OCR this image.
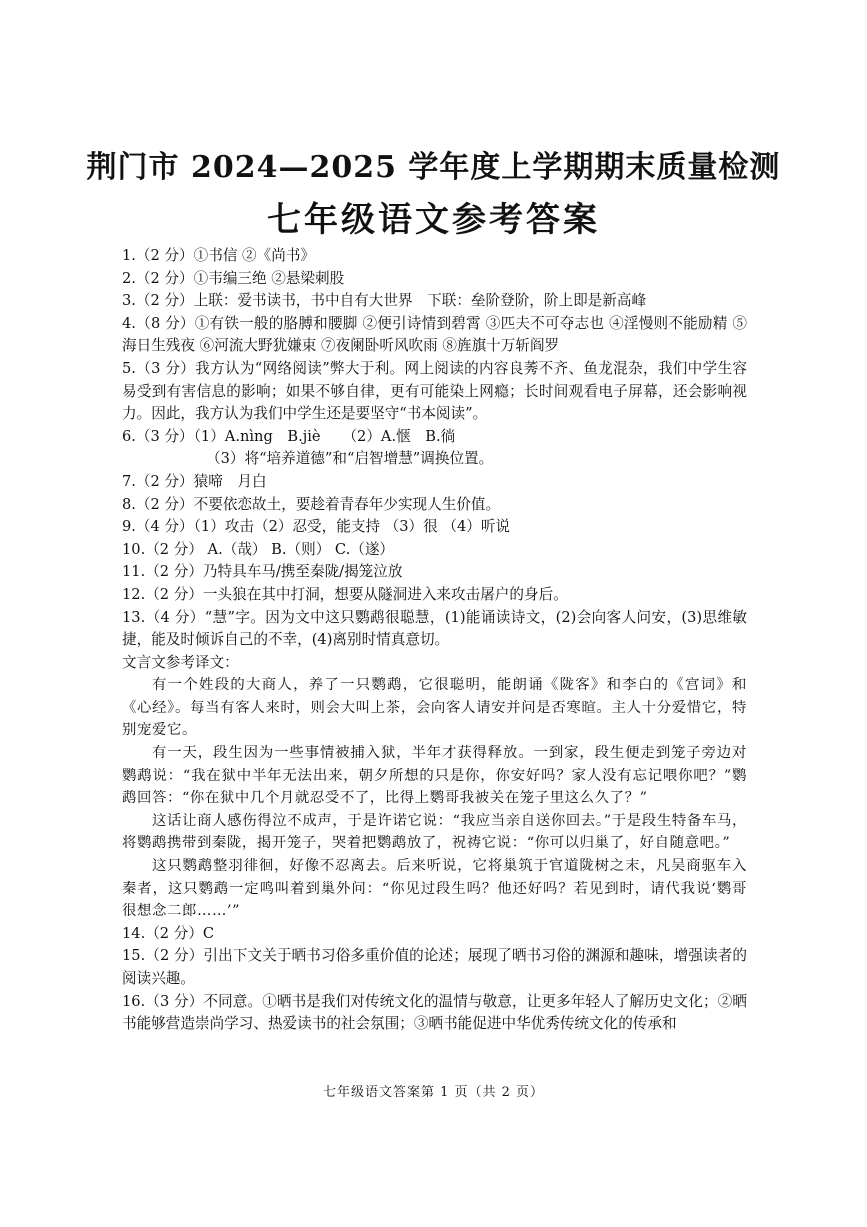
荆门市 2024—2025 学年度上学期期末质量检测
七年级语文参考答案

1.（2 分）①书信 ②《尚书》

2.（2 分）①韦编三绝 ②悬梁刺股

3.（2 分）上联：爱书读书，书中自有大世界　下联：垒阶登阶，阶上即是新高峰

4.（8 分）①有铁一般的胳膊和腰脚 ②便引诗情到碧霄 ③匹夫不可夺志也 ④淫慢则不能励精 ⑤海日生残夜 ⑥河流大野犹嫌束 ⑦夜阑卧听风吹雨 ⑧旌旗十万斩阎罗

5.（3 分）我方认为“网络阅读”弊大于利。网上阅读的内容良莠不齐、鱼龙混杂，我们中学生容易受到有害信息的影响；如果不够自律，更有可能染上网瘾；长时间观看电子屏幕，还会影响视力。因此，我方认为我们中学生还是要坚守“书本阅读”。

6.（3 分）（1）A.nìng　B.jiè　　（2）A.惬　B.徜

（3）将“培养道德”和“启智增慧”调换位置。

7.（2 分）猿啼　月白

8.（2 分）不要依恋故土，要趁着青春年少实现人生价值。

9.（4 分）（1）攻击（2）忍受，能支持 （3）很 （4）听说

10.（2 分） A.（哉） B.（则） C.（遂）

11.（2 分）乃特具车马/携至秦陇/揭笼泣放

12.（2 分）一头狼在其中打洞，想要从隧洞进入来攻击屠户的身后。

13.（4 分）“慧”字。因为文中这只鹦鹉很聪慧，(1)能诵读诗文，(2)会向客人问安，(3)思维敏捷，能及时倾诉自己的不幸，(4)离别时情真意切。

文言文参考译文：

有一个姓段的大商人，养了一只鹦鹉，它很聪明，能朗诵《陇客》和李白的《宫词》和《心经》。每当有客人来时，则会大叫上茶，会向客人请安并问是否寒暄。主人十分爱惜它，特别宠爱它。

有一天，段生因为一些事情被捕入狱，半年才获得释放。一到家，段生便走到笼子旁边对鹦鹉说：“我在狱中半年无法出来，朝夕所想的只是你，你安好吗？家人没有忘记喂你吧？”鹦鹉回答：“你在狱中几个月就忍受不了，比得上鹦哥我被关在笼子里这么久了？”

这话让商人感伤得泣不成声，于是许诺它说：“我应当亲自送你回去。”于是段生特备车马，将鹦鹉携带到秦陇，揭开笼子，哭着把鹦鹉放了，祝祷它说：“你可以归巢了，好自随意吧。”

这只鹦鹉整羽徘徊，好像不忍离去。后来听说，它将巢筑于官道陇树之末，凡吴商驱车入秦者，这只鹦鹉一定鸣叫着到巢外问：“你见过段生吗？他还好吗？若见到时，请代我说‘鹦哥很想念二郎……’”

14.（2 分）C

15.（2 分）引出下文关于晒书习俗多重价值的论述；展现了晒书习俗的渊源和趣味，增强读者的阅读兴趣。

16.（3 分）不同意。①晒书是我们对传统文化的温情与敬意，让更多年轻人了解历史文化；②晒书能够营造崇尚学习、热爱读书的社会氛围；③晒书能促进中华优秀传统文化的传承和

七年级语文答案第 1 页（共 2 页）
